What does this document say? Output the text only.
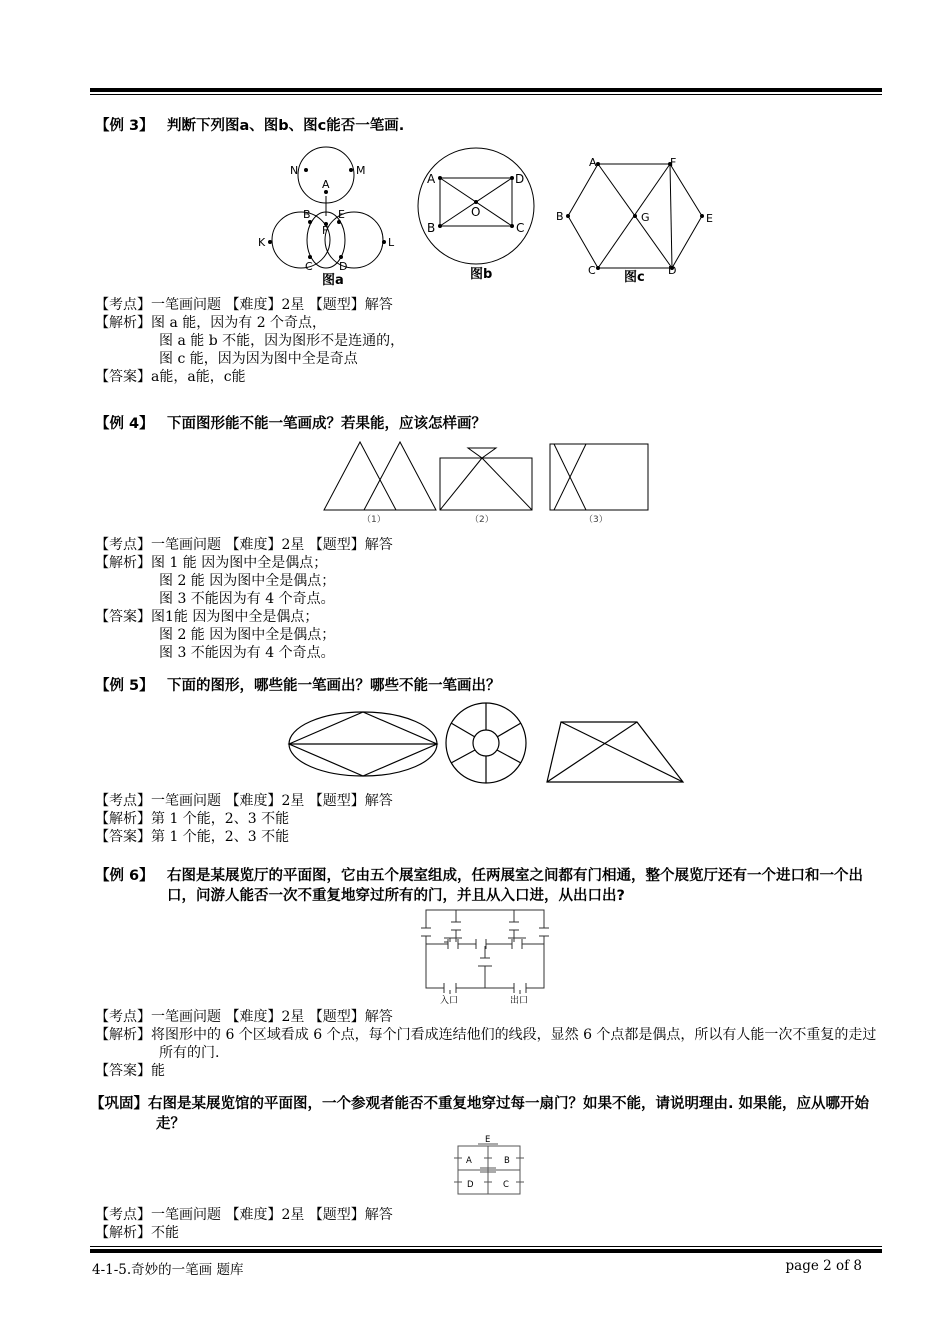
【例 3】 判断下列图a、图b、图c能否一笔画.
N	M
A
B E
F
K	L
C D
图a
A	D
O
B	C
图b
A	F
B	G	E
C	D
图c
【考点】一笔画问题 【难度】2星 【题型】解答
【解析】图 a 能，因为有 2 个奇点，
图 a 能 b 不能，因为图形不是连通的，
图 c 能，因为因为图中全是奇点
【答案】a能，a能，c能
【例 4】 下面图形能不能一笔画成？若果能，应该怎样画？
（1）	（2）	（3）
【考点】一笔画问题 【难度】2星 【题型】解答
【解析】图 1 能 因为图中全是偶点；
图 2 能 因为图中全是偶点；
图 3 不能因为有 4 个奇点。
【答案】图1能 因为图中全是偶点；
图 2 能 因为图中全是偶点；
图 3 不能因为有 4 个奇点。
【例 5】 下面的图形，哪些能一笔画出？哪些不能一笔画出？
【考点】一笔画问题 【难度】2星 【题型】解答
【解析】第 1 个能，2、3 不能
【答案】第 1 个能，2、3 不能
【例 6】 右图是某展览厅的平面图，它由五个展室组成，任两展室之间都有门相通，整个展览厅还有一个进口和一个出口，问游人能否一次不重复地穿过所有的门，并且从入口进，从出口出?
入口	出口
【考点】一笔画问题 【难度】2星 【题型】解答
【解析】将图形中的 6 个区域看成 6 个点，每个门看成连结他们的线段，显然 6 个点都是偶点，所以有人能一次不重复的走过所有的门.
【答案】能
【巩固】右图是某展览馆的平面图，一个参观者能否不重复地穿过每一扇门？如果不能，请说明理由. 如果能，应从哪开始走？
E
A	B
D	C
【考点】一笔画问题 【难度】2星 【题型】解答
【解析】不能
4-1-5.奇妙的一笔画 题库	page 2 of 8
